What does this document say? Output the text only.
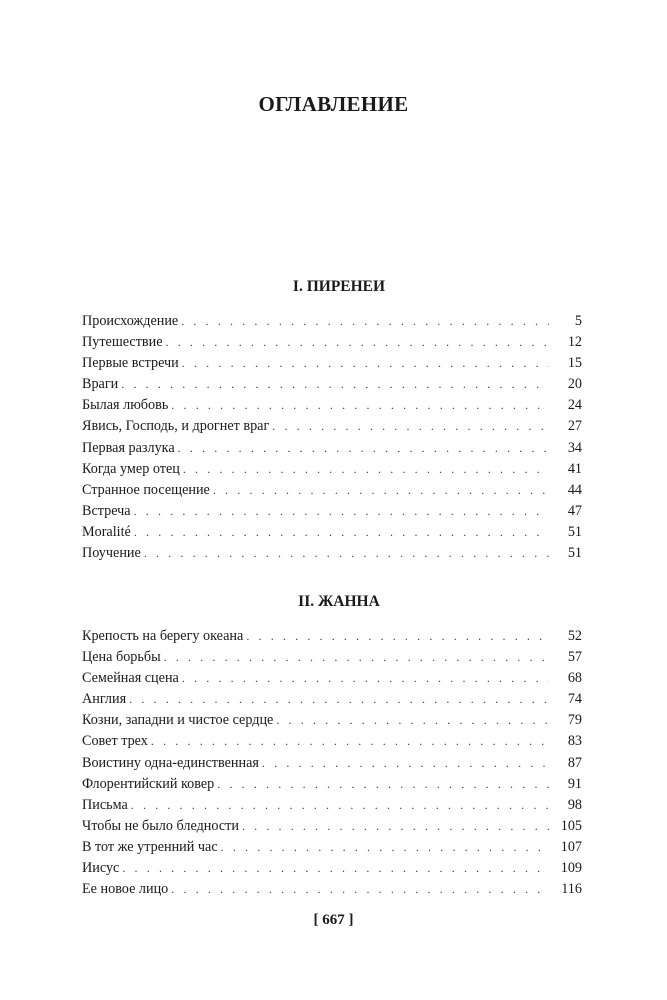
ОГЛАВЛЕНИЕ
I. ПИРЕНЕИ
Происхождение . . .	5
Путешествие . . .	12
Первые встречи . . .	15
Враги . . .	20
Былая любовь . . .	24
Явись, Господь, и дрогнет враг . . .	27
Первая разлука . . .	34
Когда умер отец . . .	41
Странное посещение . . .	44
Встреча . . .	47
Moralité . . .	51
Поучение . . .	51
II. ЖАННА
Крепость на берегу океана . . .	52
Цена борьбы . . .	57
Семейная сцена . . .	68
Англия . . .	74
Козни, западни и чистое сердце . . .	79
Совет трех . . .	83
Воистину одна-единственная . . .	87
Флорентийский ковер . . .	91
Письма . . .	98
Чтобы не было бледности . . .	105
В тот же утренний час . . .	107
Иисус . . .	109
Ее новое лицо . . .	116
[ 667 ]
